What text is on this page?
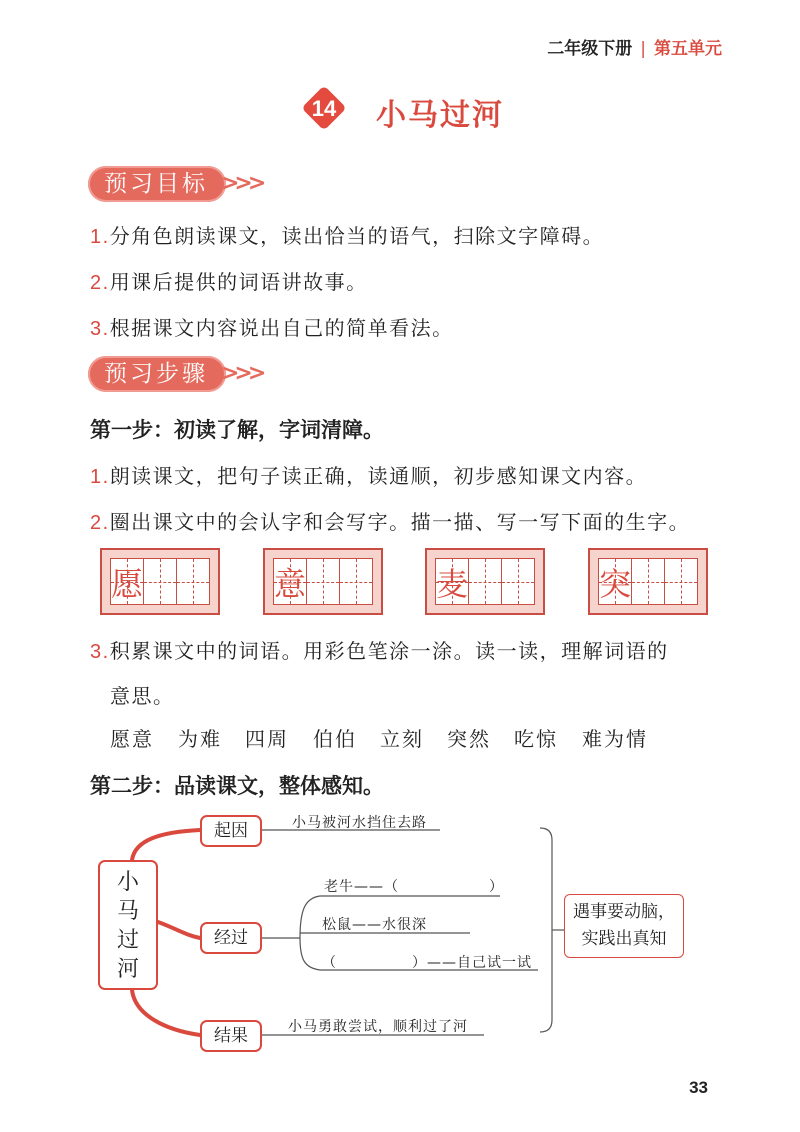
二年级下册 | 第五单元
14 小马过河
预习目标 >>>
1.分角色朗读课文，读出恰当的语气，扫除文字障碍。
2.用课后提供的词语讲故事。
3.根据课文内容说出自己的简单看法。
预习步骤 >>>
第一步：初读了解，字词清障。
1.朗读课文，把句子读正确，读通顺，初步感知课文内容。
2.圈出课文中的会认字和会写字。描一描、写一写下面的生字。
愿	意	麦	突
3.积累课文中的词语。用彩色笔涂一涂。读一读，理解词语的
意思。
愿意 为难 四周 伯伯 立刻 突然 吃惊 难为情
第二步：品读课文，整体感知。
小
马
过
河
起因
经过
结果
小马被河水挡住去路
老牛——（　　　　　　）
松鼠——水很深
（　　　　　）——自己试一试
小马勇敢尝试，顺利过了河
遇事要动脑，
实践出真知
33
